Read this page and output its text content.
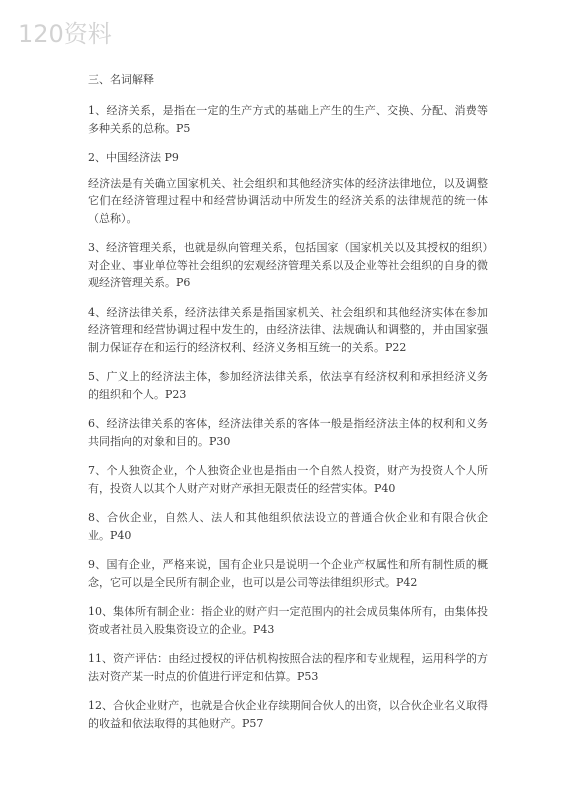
120资料
三、名词解释
1、经济关系，是指在一定的生产方式的基础上产生的生产、交换、分配、消费等多种关系的总称。P5
2、中国经济法 P9
经济法是有关确立国家机关、社会组织和其他经济实体的经济法律地位，以及调整它们在经济管理过程中和经营协调活动中所发生的经济关系的法律规范的统一体（总称）。
3、经济管理关系，也就是纵向管理关系，包括国家（国家机关以及其授权的组织）对企业、事业单位等社会组织的宏观经济管理关系以及企业等社会组织的自身的微观经济管理关系。P6
4、经济法律关系，经济法律关系是指国家机关、社会组织和其他经济实体在参加经济管理和经营协调过程中发生的，由经济法律、法规确认和调整的，并由国家强制力保证存在和运行的经济权利、经济义务相互统一的关系。P22
5、广义上的经济法主体，参加经济法律关系，依法享有经济权利和承担经济义务的组织和个人。P23
6、经济法律关系的客体，经济法律关系的客体一般是指经济法主体的权利和义务共同指向的对象和目的。P30
7、个人独资企业，个人独资企业也是指由一个自然人投资，财产为投资人个人所有，投资人以其个人财产对财产承担无限责任的经营实体。P40
8、合伙企业，自然人、法人和其他组织依法设立的普通合伙企业和有限合伙企业。P40
9、国有企业，严格来说，国有企业只是说明一个企业产权属性和所有制性质的概念，它可以是全民所有制企业，也可以是公司等法律组织形式。P42
10、集体所有制企业：指企业的财产归一定范围内的社会成员集体所有，由集体投资或者社员入股集资设立的企业。P43
11、资产评估：由经过授权的评估机构按照合法的程序和专业规程，运用科学的方法对资产某一时点的价值进行评定和估算。P53
12、合伙企业财产，也就是合伙企业存续期间合伙人的出资，以合伙企业名义取得的收益和依法取得的其他财产。P57
